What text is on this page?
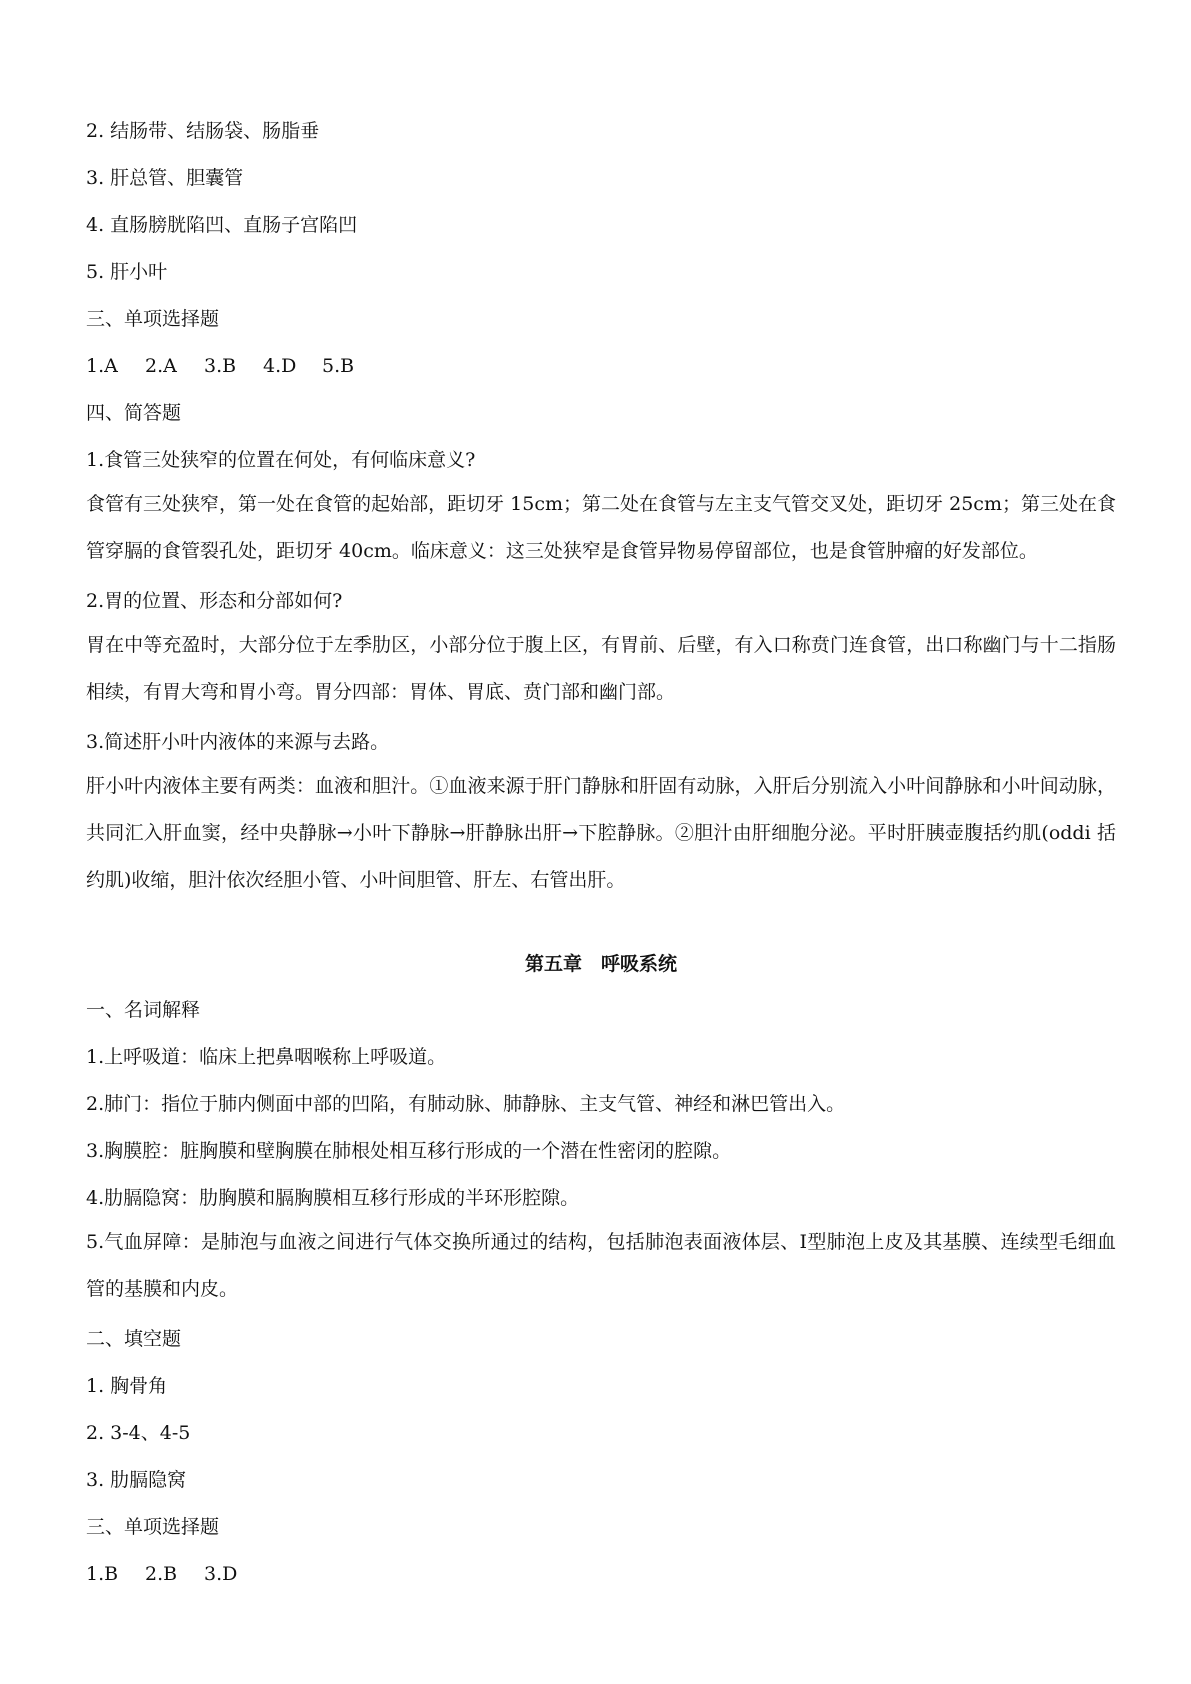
2. 结肠带、结肠袋、肠脂垂

3. 肝总管、胆囊管

4. 直肠膀胱陷凹、直肠子宫陷凹

5. 肝小叶

三、单项选择题

1.A 2.A 3.B 4.D 5.B

四、简答题

1.食管三处狭窄的位置在何处，有何临床意义?

食管有三处狭窄，第一处在食管的起始部，距切牙 15cm；第二处在食管与左主支气管交叉处，距切牙 25cm；第三处在食管穿膈的食管裂孔处，距切牙 40cm。临床意义：这三处狭窄是食管异物易停留部位，也是食管肿瘤的好发部位。

2.胃的位置、形态和分部如何?

胃在中等充盈时，大部分位于左季肋区，小部分位于腹上区，有胃前、后壁，有入口称贲门连食管，出口称幽门与十二指肠相续，有胃大弯和胃小弯。胃分四部：胃体、胃底、贲门部和幽门部。

3.简述肝小叶内液体的来源与去路。

肝小叶内液体主要有两类：血液和胆汁。①血液来源于肝门静脉和肝固有动脉，入肝后分别流入小叶间静脉和小叶间动脉，共同汇入肝血窦，经中央静脉→小叶下静脉→肝静脉出肝→下腔静脉。②胆汁由肝细胞分泌。平时肝胰壶腹括约肌(oddi 括约肌)收缩，胆汁依次经胆小管、小叶间胆管、肝左、右管出肝。

第五章　呼吸系统

一、名词解释

1.上呼吸道：临床上把鼻咽喉称上呼吸道。

2.肺门：指位于肺内侧面中部的凹陷，有肺动脉、肺静脉、主支气管、神经和淋巴管出入。

3.胸膜腔：脏胸膜和壁胸膜在肺根处相互移行形成的一个潜在性密闭的腔隙。

4.肋膈隐窝：肋胸膜和膈胸膜相互移行形成的半环形腔隙。

5.气血屏障：是肺泡与血液之间进行气体交换所通过的结构，包括肺泡表面液体层、Ⅰ型肺泡上皮及其基膜、连续型毛细血管的基膜和内皮。

二、填空题

1. 胸骨角

2. 3-4、4-5

3. 肋膈隐窝

三、单项选择题

1.B 2.B 3.D
